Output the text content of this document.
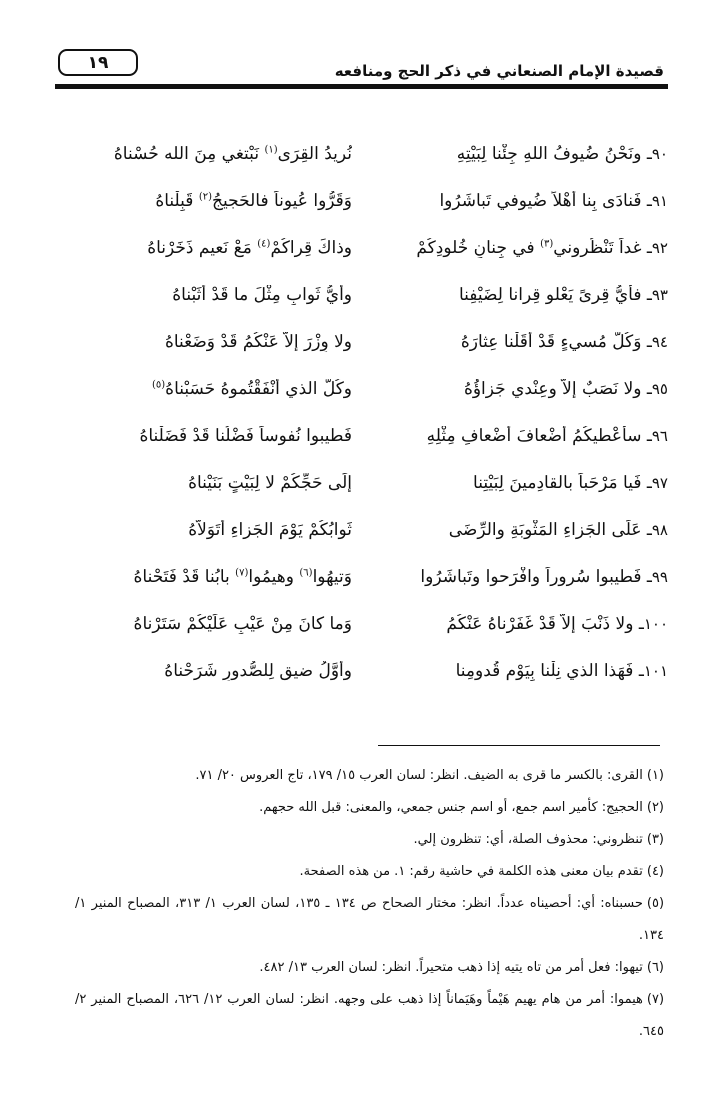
قصيدة الإمام الصنعاني في ذكر الحج ومنافعه
١٩
٩٠ـ ونَحْنُ ضُيوفُ اللهِ جِئْنا لِبَيْتِهِ
نُريدُ القِرَى$^{(١)}$ نَبْتغي مِنَ الله حُسْناهُ
٩١ـ فَنادَى بِنا أهْلاً ضُيوفي تَباشَرُوا
وَقَرُّوا عُيوناً فالحَجيجُ$^{(٢)}$ قَبِلْناهُ
٩٢ـ غداً تَنْظُروني$^{(٣)}$ في جِنانِ خُلودِكُمْ
وذاكَ قِراكُمْ$^{(٤)}$ مَعْ نَعيمٍ ذَخَرْناهُ
٩٣ـ فأيُّ قِرىً يَعْلو قِرانا لِضَيْفِنا
وأيُّ ثَوابٍ مِثْلَ ما قَدْ أثَبْناهُ
٩٤ـ وَكُلُّ مُسيءٍ قَدْ أقَلْنا عِثارَهُ
ولا وِزْرَ إلاَّ عَنْكُمُ قَدْ وَضَعْناهُ
٩٥ـ ولا نَصَبٌ إلاَّ وعِنْدي جَزاؤُهُ
وكُلُّ الذي أنْفَقْتُموهُ حَسَبْناهُ$^{(٥)}$
٩٦ـ سأُعْطيكُمُ أضْعافَ أضْعافِ مِثْلِهِ
فَطيبوا نُفوساً فَضْلُنا قَدْ فَضَلْناهُ
٩٧ـ فَيا مَرْحَباً بالقادِمينَ لِبَيْتِنا
إلَى حَجِّكُمْ لا لِبَيْتٍ بَنَيْناهُ
٩٨ـ عَلَى الجَزاءِ المَثْوبَةِ والرِّضَى
ثَوابُكُمْ يَوْمَ الجَزاءِ أتَوَلاَّهُ
٩٩ـ فَطيبوا سُروراً وافْرَحوا وتَباشَرُوا
وَتيهُوا$^{(٦)}$ وهيمُوا$^{(٧)}$ بابُنا قَدْ فَتَحْناهُ
١٠٠ـ ولا ذَنْبَ إلاَّ قَدْ غَفَرْناهُ عَنْكُمُ
وَما كانَ مِنْ عَيْبٍ عَلَيْكُمْ سَتَرْناهُ
١٠١ـ فَهَذا الذي نِلْنا بِيَوْمِ قُدومِنا
وأوَّلُ ضيقٍ لِلصُّدورِ شَرَحْناهُ
(١)القرى: بالكسر ما قرى به الضيف. انظر: لسان العرب ١٥/ ١٧٩، تاج العروس ٢٠/ ٧١.
(٢)الحجيج: كأمير اسم جمع، أو اسم جنس جمعي، والمعنى: قبل الله حجهم.
(٣)تنظروني: محذوف الصلة، أي: تنظرون إلي.
(٤)تقدم بيان معنى هذه الكلمة في حاشية رقم: ١. من هذه الصفحة.
(٥)حسبناه: أي: أحصيناه عدداً. انظر: مختار الصحاح ص ١٣٤ ـ ١٣٥، لسان العرب ١/ ٣١٣، المصباح المنير ١/ ١٣٤.
(٦)تيهوا: فعل أمر من تاه يتيه إذا ذهب متحيراً. انظر: لسان العرب ١٣/ ٤٨٢.
(٧)هيموا: أمر من هام يهيم هَيْماً وهَيَماناً إذا ذهب على وجهه. انظر: لسان العرب ١٢/ ٦٢٦، المصباح المنير ٢/ ٦٤٥.
